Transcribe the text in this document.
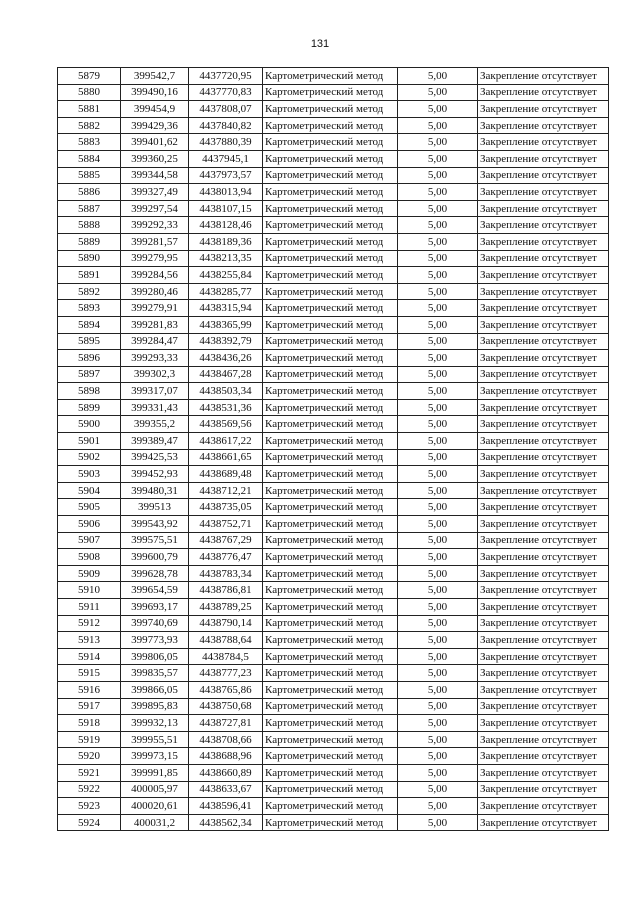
131
5879	399542,7	4437720,95	Картометрический метод	5,00	Закрепление отсутствует
5880	399490,16	4437770,83	Картометрический метод	5,00	Закрепление отсутствует
5881	399454,9	4437808,07	Картометрический метод	5,00	Закрепление отсутствует
5882	399429,36	4437840,82	Картометрический метод	5,00	Закрепление отсутствует
5883	399401,62	4437880,39	Картометрический метод	5,00	Закрепление отсутствует
5884	399360,25	4437945,1	Картометрический метод	5,00	Закрепление отсутствует
5885	399344,58	4437973,57	Картометрический метод	5,00	Закрепление отсутствует
5886	399327,49	4438013,94	Картометрический метод	5,00	Закрепление отсутствует
5887	399297,54	4438107,15	Картометрический метод	5,00	Закрепление отсутствует
5888	399292,33	4438128,46	Картометрический метод	5,00	Закрепление отсутствует
5889	399281,57	4438189,36	Картометрический метод	5,00	Закрепление отсутствует
5890	399279,95	4438213,35	Картометрический метод	5,00	Закрепление отсутствует
5891	399284,56	4438255,84	Картометрический метод	5,00	Закрепление отсутствует
5892	399280,46	4438285,77	Картометрический метод	5,00	Закрепление отсутствует
5893	399279,91	4438315,94	Картометрический метод	5,00	Закрепление отсутствует
5894	399281,83	4438365,99	Картометрический метод	5,00	Закрепление отсутствует
5895	399284,47	4438392,79	Картометрический метод	5,00	Закрепление отсутствует
5896	399293,33	4438436,26	Картометрический метод	5,00	Закрепление отсутствует
5897	399302,3	4438467,28	Картометрический метод	5,00	Закрепление отсутствует
5898	399317,07	4438503,34	Картометрический метод	5,00	Закрепление отсутствует
5899	399331,43	4438531,36	Картометрический метод	5,00	Закрепление отсутствует
5900	399355,2	4438569,56	Картометрический метод	5,00	Закрепление отсутствует
5901	399389,47	4438617,22	Картометрический метод	5,00	Закрепление отсутствует
5902	399425,53	4438661,65	Картометрический метод	5,00	Закрепление отсутствует
5903	399452,93	4438689,48	Картометрический метод	5,00	Закрепление отсутствует
5904	399480,31	4438712,21	Картометрический метод	5,00	Закрепление отсутствует
5905	399513	4438735,05	Картометрический метод	5,00	Закрепление отсутствует
5906	399543,92	4438752,71	Картометрический метод	5,00	Закрепление отсутствует
5907	399575,51	4438767,29	Картометрический метод	5,00	Закрепление отсутствует
5908	399600,79	4438776,47	Картометрический метод	5,00	Закрепление отсутствует
5909	399628,78	4438783,34	Картометрический метод	5,00	Закрепление отсутствует
5910	399654,59	4438786,81	Картометрический метод	5,00	Закрепление отсутствует
5911	399693,17	4438789,25	Картометрический метод	5,00	Закрепление отсутствует
5912	399740,69	4438790,14	Картометрический метод	5,00	Закрепление отсутствует
5913	399773,93	4438788,64	Картометрический метод	5,00	Закрепление отсутствует
5914	399806,05	4438784,5	Картометрический метод	5,00	Закрепление отсутствует
5915	399835,57	4438777,23	Картометрический метод	5,00	Закрепление отсутствует
5916	399866,05	4438765,86	Картометрический метод	5,00	Закрепление отсутствует
5917	399895,83	4438750,68	Картометрический метод	5,00	Закрепление отсутствует
5918	399932,13	4438727,81	Картометрический метод	5,00	Закрепление отсутствует
5919	399955,51	4438708,66	Картометрический метод	5,00	Закрепление отсутствует
5920	399973,15	4438688,96	Картометрический метод	5,00	Закрепление отсутствует
5921	399991,85	4438660,89	Картометрический метод	5,00	Закрепление отсутствует
5922	400005,97	4438633,67	Картометрический метод	5,00	Закрепление отсутствует
5923	400020,61	4438596,41	Картометрический метод	5,00	Закрепление отсутствует
5924	400031,2	4438562,34	Картометрический метод	5,00	Закрепление отсутствует
